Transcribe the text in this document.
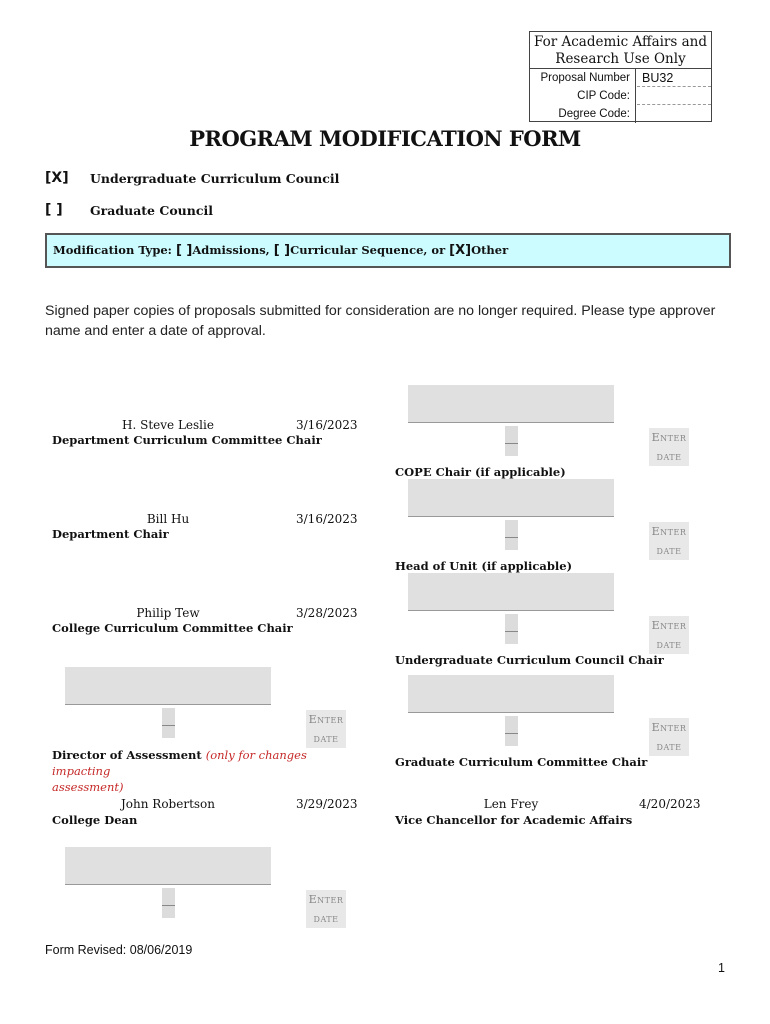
For Academic Affairs and Research Use Only
Proposal Number BU32
CIP Code:
Degree Code:
PROGRAM MODIFICATION FORM
[X] Undergraduate Curriculum Council
[ ] Graduate Council
Modification Type: [ ]Admissions, [ ]Curricular Sequence, or [X]Other
Signed paper copies of proposals submitted for consideration are no longer required. Please type approver name and enter a date of approval.
H. Steve Leslie	3/16/2023
Department Curriculum Committee Chair
Bill Hu	3/16/2023
Department Chair
Philip Tew	3/28/2023
College Curriculum Committee Chair
Enter
date
Director of Assessment (only for changes impacting
assessment)
John Robertson	3/29/2023
College Dean
Enter
date
Enter
date
COPE Chair (if applicable)
Enter
date
Head of Unit (if applicable)
Enter
date
Undergraduate Curriculum Council Chair
Enter
date
Graduate Curriculum Committee Chair
Len Frey	4/20/2023
Vice Chancellor for Academic Affairs
Form Revised: 08/06/2019
1
